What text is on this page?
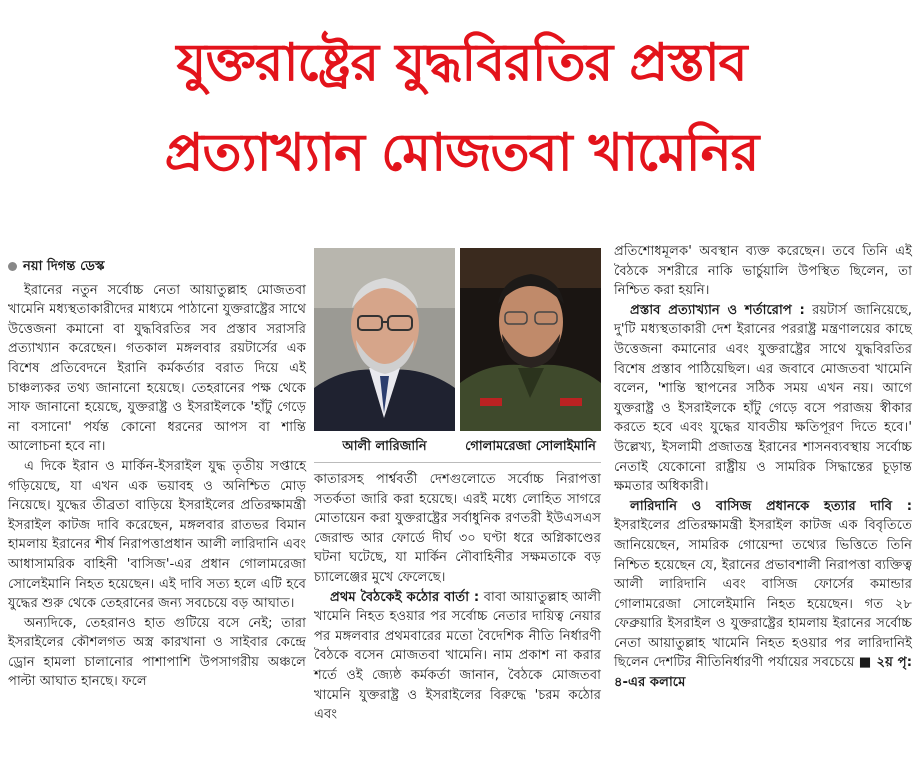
যুক্তরাষ্ট্রের যুদ্ধবিরতির প্রস্তাব
প্রত্যাখ্যান মোজতবা খামেনির

নয়া দিগন্ত ডেস্ক

ইরানের নতুন সর্বোচ্চ নেতা আয়াতুল্লাহ মোজতবা খামেনি মধ্যস্থতাকারীদের মাধ্যমে পাঠানো যুক্তরাষ্ট্রের সাথে উত্তেজনা কমানো বা যুদ্ধবিরতির সব প্রস্তাব সরাসরি প্রত্যাখ্যান করেছেন। গতকাল মঙ্গলবার রয়টার্সের এক বিশেষ প্রতিবেদনে ইরানি কর্মকর্তার বরাত দিয়ে এই চাঞ্চল্যকর তথ্য জানানো হয়েছে। তেহরানের পক্ষ থেকে সাফ জানানো হয়েছে, যুক্তরাষ্ট্র ও ইসরাইলকে 'হাঁটু গেড়ে না বসানো' পর্যন্ত কোনো ধরনের আপস বা শান্তি আলোচনা হবে না।

এ দিকে ইরান ও মার্কিন-ইসরাইল যুদ্ধ তৃতীয় সপ্তাহে গড়িয়েছে, যা এখন এক ভয়াবহ ও অনিশ্চিত মোড় নিয়েছে। যুদ্ধের তীব্রতা বাড়িয়ে ইসরাইলের প্রতিরক্ষামন্ত্রী ইসরাইল কাটজ দাবি করেছেন, মঙ্গলবার রাতভর বিমান হামলায় ইরানের শীর্ষ নিরাপত্তাপ্রধান আলী লারিদানি এবং আধাসামরিক বাহিনী 'বাসিজ'-এর প্রধান গোলামরেজা সোলেইমানি নিহত হয়েছেন। এই দাবি সত্য হলে এটি হবে যুদ্ধের শুরু থেকে তেহরানের জন্য সবচেয়ে বড় আঘাত।

অন্যদিকে, তেহরানও হাত গুটিয়ে বসে নেই; তারা ইসরাইলের কৌশলগত অস্ত্র কারখানা ও সাইবার কেন্দ্রে ড্রোন হামলা চালানোর পাশাপাশি উপসাগরীয় অঞ্চলে পাল্টা আঘাত হানছে। ফলে

আলী লারিজানি	গোলামরেজা সোলাইমানি

কাতারসহ পার্শ্ববর্তী দেশগুলোতে সর্বোচ্চ নিরাপত্তা সতর্কতা জারি করা হয়েছে। এরই মধ্যে লোহিত সাগরে মোতায়েন করা যুক্তরাষ্ট্রের সর্বাধুনিক রণতরী ইউএসএস জেরাল্ড আর ফোর্ডে দীর্ঘ ৩০ ঘণ্টা ধরে অগ্নিকাণ্ডের ঘটনা ঘটেছে, যা মার্কিন নৌবাহিনীর সক্ষমতাকে বড় চ্যালেঞ্জের মুখে ফেলেছে।

প্রথম বৈঠকেই কঠোর বার্তা : বাবা আয়াতুল্লাহ আলী খামেনি নিহত হওয়ার পর সর্বোচ্চ নেতার দায়িত্ব নেয়ার পর মঙ্গলবার প্রথমবারের মতো বৈদেশিক নীতি নির্ধারণী বৈঠকে বসেন মোজতবা খামেনি। নাম প্রকাশ না করার শর্তে ওই জ্যেষ্ঠ কর্মকর্তা জানান, বৈঠকে মোজতবা খামেনি যুক্তরাষ্ট্র ও ইসরাইলের বিরুদ্ধে 'চরম কঠোর এবং

প্রতিশোধমূলক' অবস্থান ব্যক্ত করেছেন। তবে তিনি এই বৈঠকে সশরীরে নাকি ভার্চুয়ালি উপস্থিত ছিলেন, তা নিশ্চিত করা হয়নি।

প্রস্তাব প্রত্যাখ্যান ও শর্তারোপ : রয়টার্স জানিয়েছে, দু'টি মধ্যস্থতাকারী দেশ ইরানের পররাষ্ট্র মন্ত্রণালয়ের কাছে উত্তেজনা কমানোর এবং যুক্তরাষ্ট্রের সাথে যুদ্ধবিরতির বিশেষ প্রস্তাব পাঠিয়েছিল। এর জবাবে মোজতবা খামেনি বলেন, 'শান্তি স্থাপনের সঠিক সময় এখন নয়। আগে যুক্তরাষ্ট্র ও ইসরাইলকে হাঁটু গেড়ে বসে পরাজয় স্বীকার করতে হবে এবং যুদ্ধের যাবতীয় ক্ষতিপূরণ দিতে হবে।' উল্লেখ্য, ইসলামী প্রজাতন্ত্র ইরানের শাসনব্যবস্থায় সর্বোচ্চ নেতাই যেকোনো রাষ্ট্রীয় ও সামরিক সিদ্ধান্তের চূড়ান্ত ক্ষমতার অধিকারী।

লারিদানি ও বাসিজ প্রধানকে হত্যার দাবি : ইসরাইলের প্রতিরক্ষামন্ত্রী ইসরাইল কাটজ এক বিবৃতিতে জানিয়েছেন, সামরিক গোয়েন্দা তথ্যের ভিত্তিতে তিনি নিশ্চিত হয়েছেন যে, ইরানের প্রভাবশালী নিরাপত্তা ব্যক্তিত্ব আলী লারিদানি এবং বাসিজ ফোর্সের কমান্ডার গোলামরেজা সোলেইমানি নিহত হয়েছেন। গত ২৮ ফেব্রুয়ারি ইসরাইল ও যুক্তরাষ্ট্রের হামলায় ইরানের সর্বোচ্চ নেতা আয়াতুল্লাহ খামেনি নিহত হওয়ার পর লারিদানিই ছিলেন দেশটির নীতিনির্ধারণী পর্যায়ের সবচেয়ে ■ ২য় পৃ: ৪-এর কলামে
